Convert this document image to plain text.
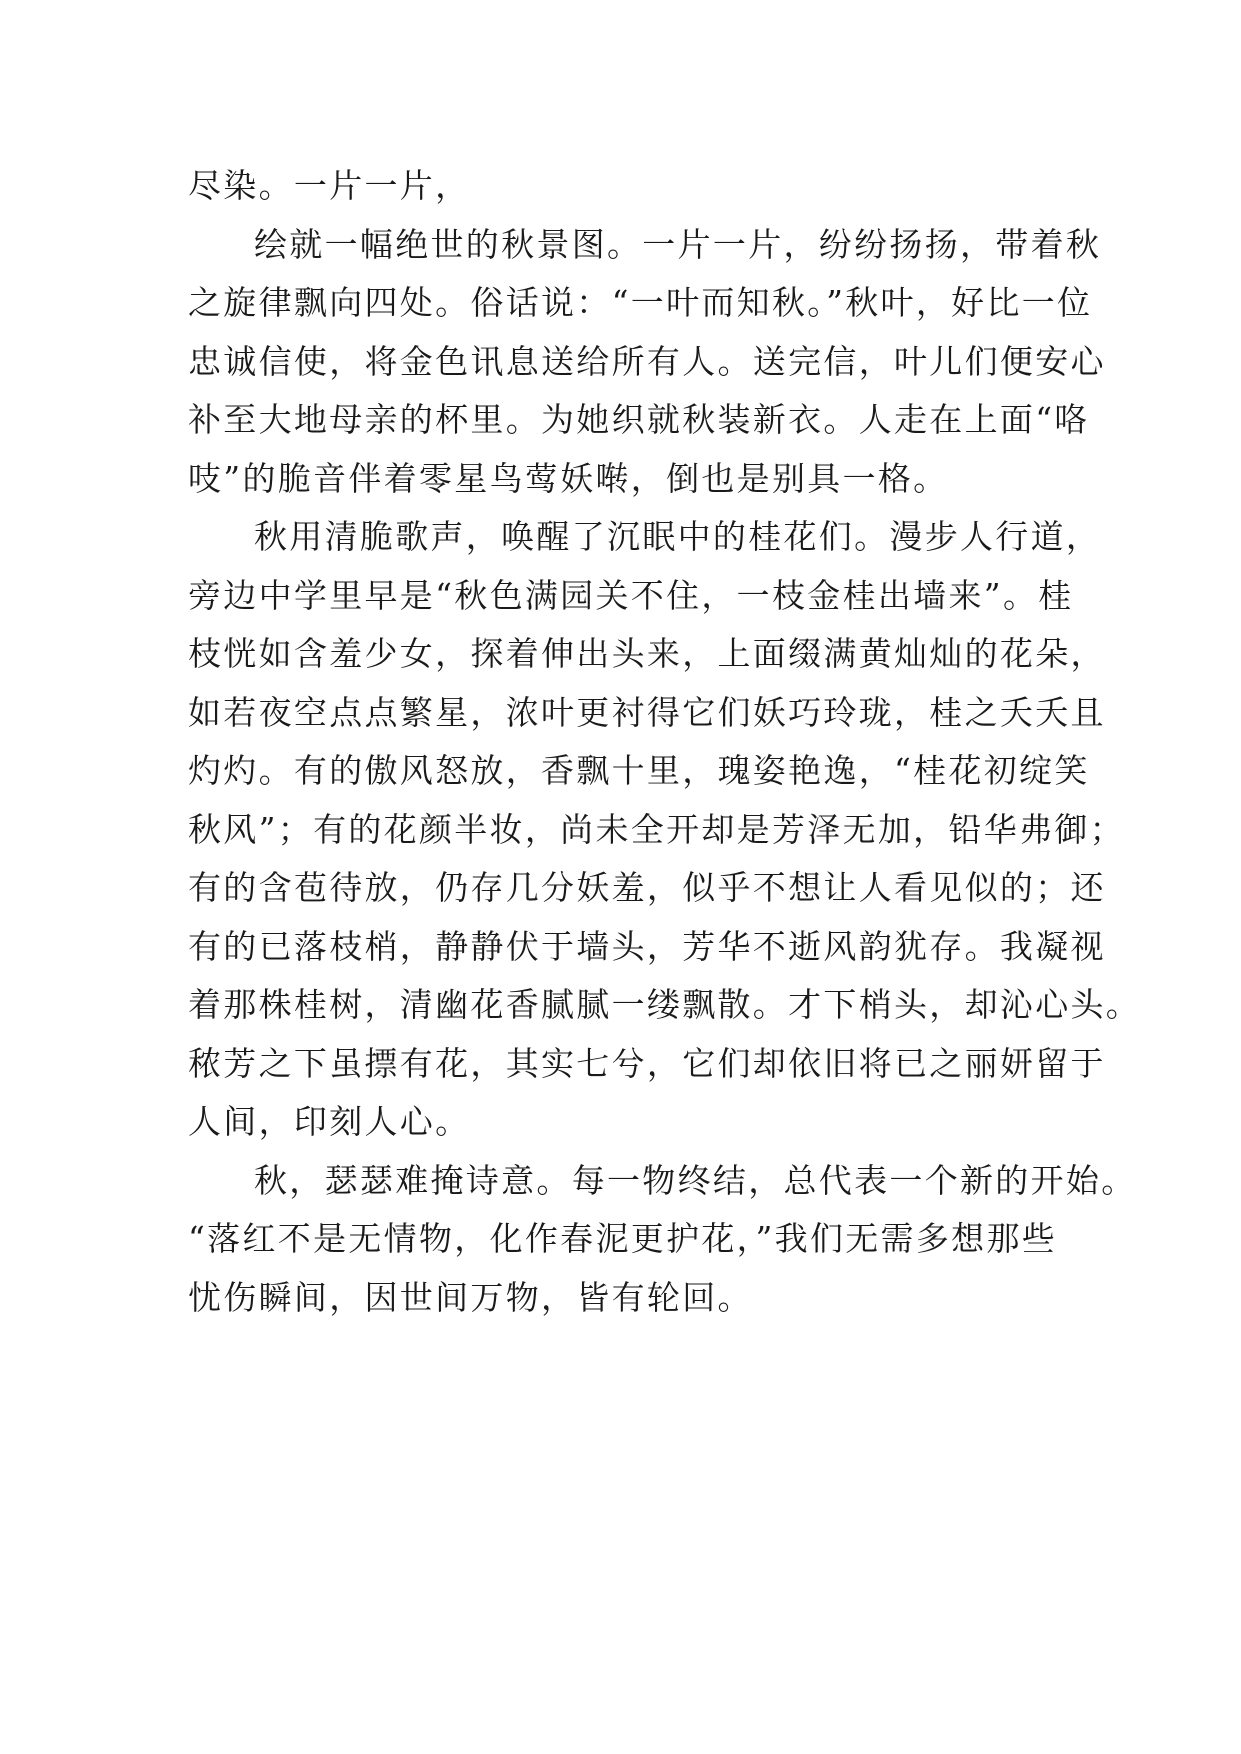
尽染。一片一片，
绘就一幅绝世的秋景图。一片一片，纷纷扬扬，带着秋
之旋律飘向四处。俗话说：“一叶而知秋。”秋叶，好比一位
忠诚信使，将金色讯息送给所有人。送完信，叶儿们便安心
补至大地母亲的杯里。为她织就秋装新衣。人走在上面“咯
吱”的脆音伴着零星鸟莺妖啭，倒也是别具一格。
秋用清脆歌声，唤醒了沉眠中的桂花们。漫步人行道，
旁边中学里早是“秋色满园关不住，一枝金桂出墙来”。桂
枝恍如含羞少女，探着伸出头来，上面缀满黄灿灿的花朵，
如若夜空点点繁星，浓叶更衬得它们妖巧玲珑，桂之夭夭且
灼灼。有的傲风怒放，香飘十里，瑰姿艳逸，“桂花初绽笑
秋风”；有的花颜半妆，尚未全开却是芳泽无加，铅华弗御；
有的含苞待放，仍存几分妖羞，似乎不想让人看见似的；还
有的已落枝梢，静静伏于墙头，芳华不逝风韵犹存。我凝视
着那株桂树，清幽花香腻腻一缕飘散。才下梢头，却沁心头。
秾芳之下虽摽有花，其实七兮，它们却依旧将已之丽妍留于
人间，印刻人心。
秋，瑟瑟难掩诗意。每一物终结，总代表一个新的开始。
“落红不是无情物，化作春泥更护花，”我们无需多想那些
忧伤瞬间，因世间万物，皆有轮回。
